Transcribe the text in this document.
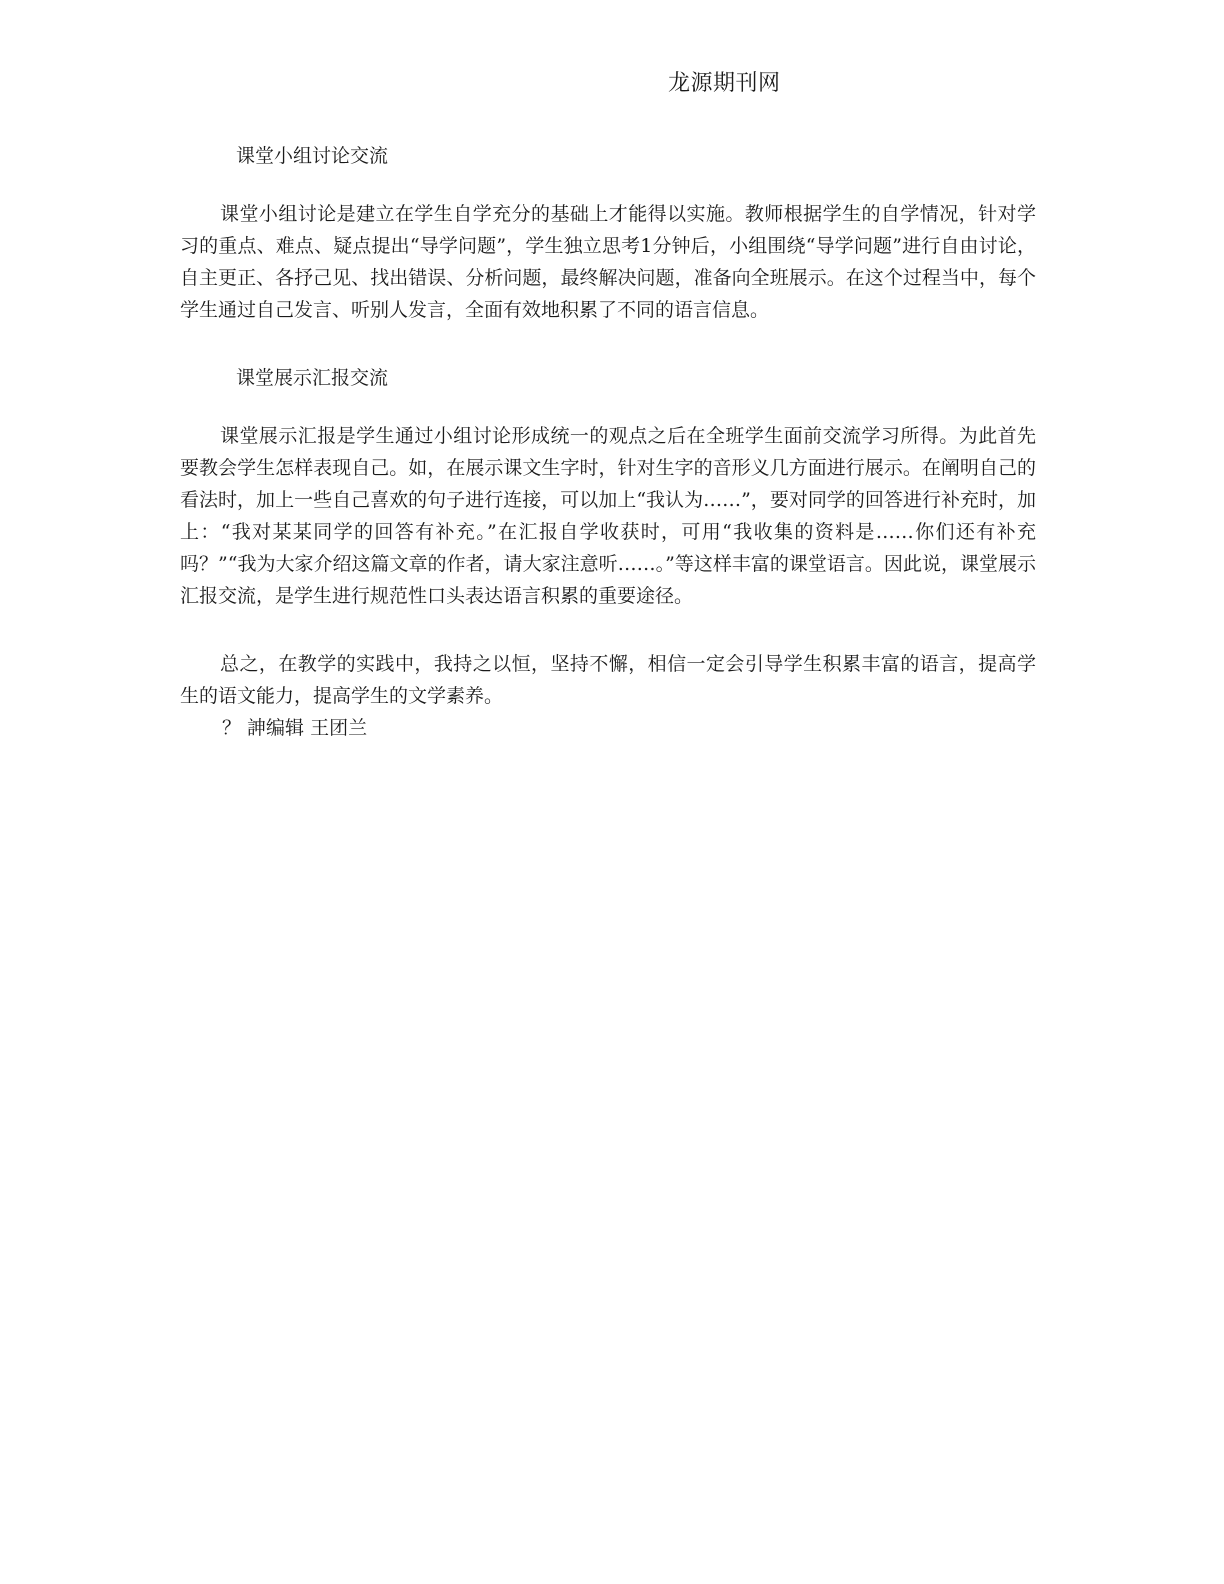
龙源期刊网
课堂小组讨论交流

课堂小组讨论是建立在学生自学充分的基础上才能得以实施。教师根据学生的自学情况，针对学习的重点、难点、疑点提出“导学问题”，学生独立思考1分钟后，小组围绕“导学问题”进行自由讨论，自主更正、各抒己见、找出错误、分析问题，最终解决问题，准备向全班展示。在这个过程当中，每个学生通过自己发言、听别人发言，全面有效地积累了不同的语言信息。

课堂展示汇报交流

课堂展示汇报是学生通过小组讨论形成统一的观点之后在全班学生面前交流学习所得。为此首先要教会学生怎样表现自己。如，在展示课文生字时，针对生字的音形义几方面进行展示。在阐明自己的看法时，加上一些自己喜欢的句子进行连接，可以加上“我认为……”，要对同学的回答进行补充时，加上：“我对某某同学的回答有补充。”在汇报自学收获时，可用“我收集的资料是……你们还有补充吗？”“我为大家介绍这篇文章的作者，请大家注意听……。”等这样丰富的课堂语言。因此说，课堂展示汇报交流，是学生进行规范性口头表达语言积累的重要途径。

总之，在教学的实践中，我持之以恒，坚持不懈，相信一定会引导学生积累丰富的语言，提高学生的语文能力，提高学生的文学素养。

？ 訷编辑 王团兰
